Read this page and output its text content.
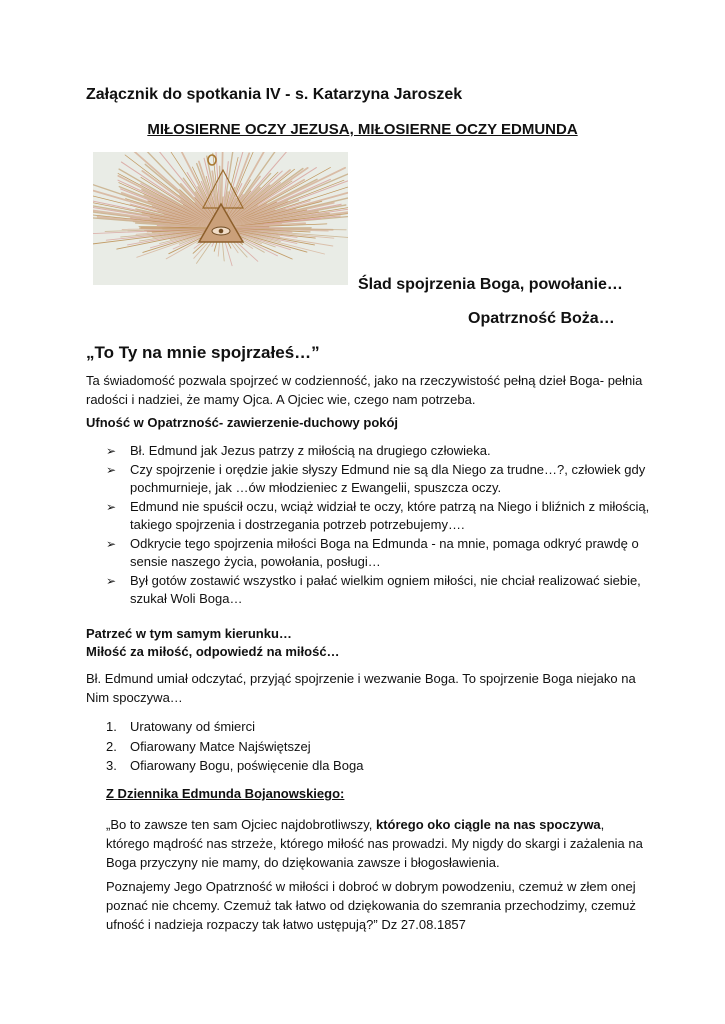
Załącznik do spotkania IV - s. Katarzyna Jaroszek
MIŁOSIERNE OCZY JEZUSA, MIŁOSIERNE OCZY EDMUNDA
Ślad spojrzenia Boga, powołanie…
Opatrzność Boża…
„To Ty na mnie spojrzałeś…”
Ta świadomość pozwala spojrzeć w codzienność, jako na rzeczywistość pełną dzieł Boga- pełnia radości i nadziei, że mamy Ojca. A Ojciec wie, czego nam potrzeba.
Ufność w Opatrzność- zawierzenie-duchowy pokój
➢ Bł. Edmund jak Jezus patrzy z miłością na drugiego człowieka.
➢ Czy spojrzenie i orędzie jakie słyszy Edmund nie są dla Niego za trudne…?, człowiek gdy pochmurnieje, jak …ów młodzieniec z Ewangelii, spuszcza oczy.
➢ Edmund nie spuścił oczu, wciąż widział te oczy, które patrzą na Niego i bliźnich z miłością, takiego spojrzenia i dostrzegania potrzeb potrzebujemy….
➢ Odkrycie tego spojrzenia miłości Boga na Edmunda - na mnie, pomaga odkryć prawdę o sensie naszego życia, powołania, posługi…
➢ Był gotów zostawić wszystko i pałać wielkim ogniem miłości, nie chciał realizować siebie, szukał Woli Boga…
Patrzeć w tym samym kierunku…
Miłość za miłość, odpowiedź na miłość…
Bł. Edmund umiał odczytać, przyjąć spojrzenie i wezwanie Boga. To spojrzenie Boga niejako na Nim spoczywa…
1. Uratowany od śmierci
2. Ofiarowany Matce Najświętszej
3. Ofiarowany Bogu, poświęcenie dla Boga
Z Dziennika Edmunda Bojanowskiego:
„Bo to zawsze ten sam Ojciec najdobrotliwszy, którego oko ciągle na nas spoczywa, którego mądrość nas strzeże, którego miłość nas prowadzi. My nigdy do skargi i zażalenia na Boga przyczyny nie mamy, do dziękowania zawsze i błogosławienia.
Poznajemy Jego Opatrzność w miłości i dobroć w dobrym powodzeniu, czemuż w złem onej poznać nie chcemy. Czemuż tak łatwo od dziękowania do szemrania przechodzimy, czemuż ufność i nadzieja rozpaczy tak łatwo ustępują?” Dz 27.08.1857
